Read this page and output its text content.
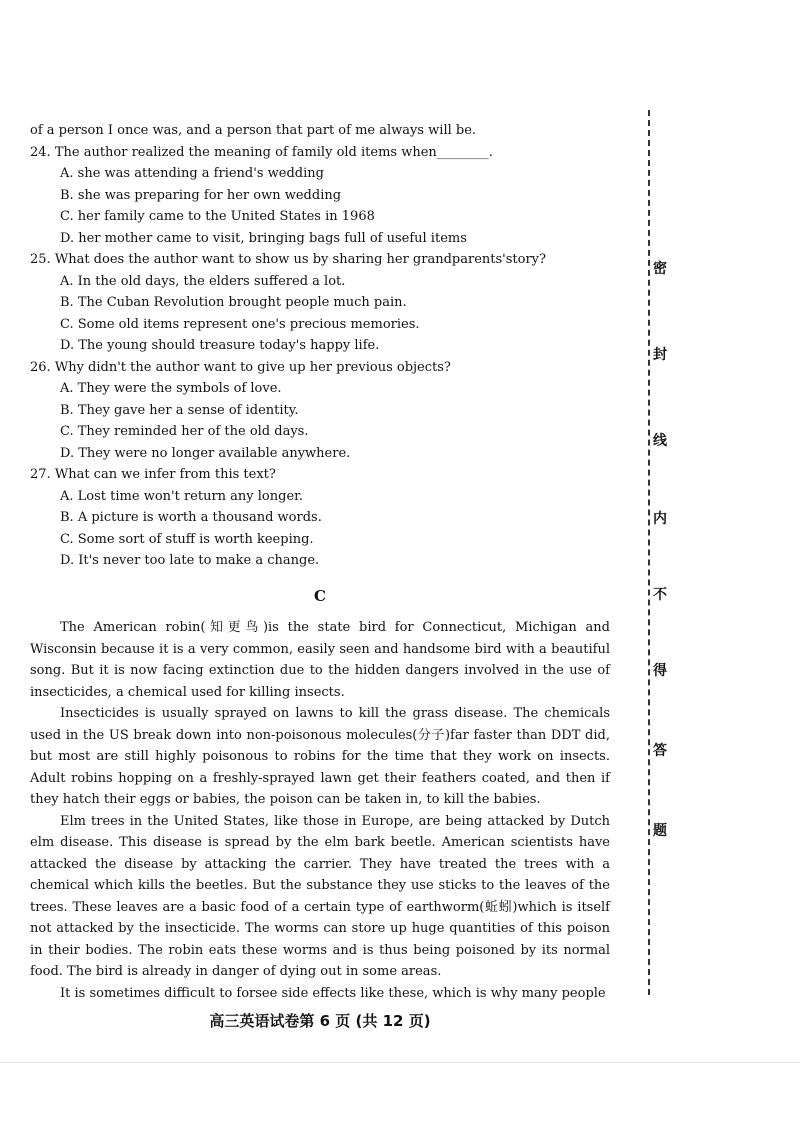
of a person I once was, and a person that part of me always will be.

24. The author realized the meaning of family old items when________.

A. she was attending a friend's wedding

B. she was preparing for her own wedding

C. her family came to the United States in 1968

D. her mother came to visit, bringing bags full of useful items

25. What does the author want to show us by sharing her grandparents'story?

A. In the old days, the elders suffered a lot.

B. The Cuban Revolution brought people much pain.

C. Some old items represent one's precious memories.

D. The young should treasure today's happy life.

26. Why didn't the author want to give up her previous objects?

A. They were the symbols of love.

B. They gave her a sense of identity.

C. They reminded her of the old days.

D. They were no longer available anywhere.

27. What can we infer from this text?

A. Lost time won't return any longer.

B. A picture is worth a thousand words.

C. Some sort of stuff is worth keeping.

D. It's never too late to make a change.

C

The American robin(知更鸟)is the state bird for Connecticut, Michigan and Wisconsin because it is a very common, easily seen and handsome bird with a beautiful song. But it is now facing extinction due to the hidden dangers involved in the use of insecticides, a chemical used for killing insects.

Insecticides is usually sprayed on lawns to kill the grass disease. The chemicals used in the US break down into non-poisonous molecules(分子)far faster than DDT did, but most are still highly poisonous to robins for the time that they work on insects. Adult robins hopping on a freshly-sprayed lawn get their feathers coated, and then if they hatch their eggs or babies, the poison can be taken in, to kill the babies.

Elm trees in the United States, like those in Europe, are being attacked by Dutch elm disease. This disease is spread by the elm bark beetle. American scientists have attacked the disease by attacking the carrier. They have treated the trees with a chemical which kills the beetles. But the substance they use sticks to the leaves of the trees. These leaves are a basic food of a certain type of earthworm(蚯蚓)which is itself not attacked by the insecticide. The worms can store up huge quantities of this poison in their bodies. The robin eats these worms and is thus being poisoned by its normal food. The bird is already in danger of dying out in some areas.

It is sometimes difficult to forsee side effects like these, which is why many people

密
封
线
内
不
得
答
题
高三英语试卷第 6 页 (共 12 页)
